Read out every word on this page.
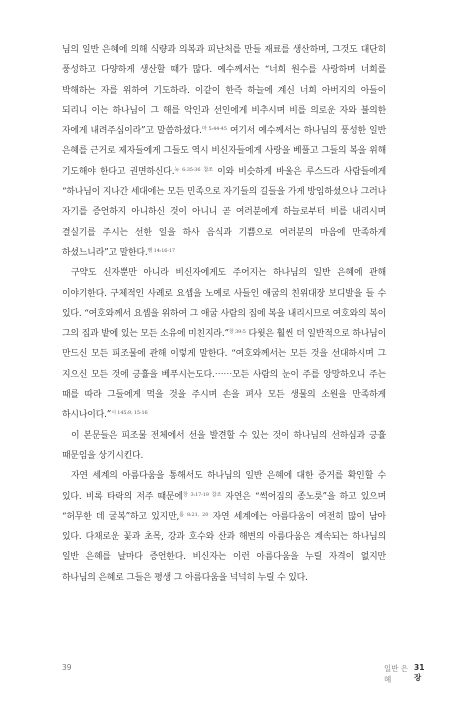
님의 일반 은혜에 의해 식량과 의복과 피난처를 만들 재료를 생산하며, 그것도 대단히 풍성하고 다양하게 생산할 때가 많다. 예수께서는 “너희 원수를 사랑하며 너희를 박해하는 자를 위하여 기도하라. 이같이 한즉 하늘에 계신 너희 아버지의 아들이 되리니 이는 하나님이 그 해를 악인과 선인에게 비추시며 비를 의로운 자와 불의한 자에게 내려주심이라”고 말씀하셨다.$^{마 5:44-45}$ 여기서 예수께서는 하나님의 풍성한 일반 은혜를 근거로 제자들에게 그들도 역시 비신자들에게 사랑을 베풀고 그들의 복을 위해 기도해야 한다고 권면하신다.$^{눅 6:35-36 참조}$ 이와 비슷하게 바울은 루스드라 사람들에게 “하나님이 지나간 세대에는 모든 민족으로 자기들의 길들을 가게 방임하셨으나 그러나 자기를 증언하지 아니하신 것이 아니니 곧 여러분에게 하늘로부터 비를 내리시며 결실기를 주시는 선한 일을 하사 음식과 기쁨으로 여러분의 마음에 만족하게 하셨느니라”고 말한다.$^{행 14:16-17}$

구약도 신자뿐만 아니라 비신자에게도 주어지는 하나님의 일반 은혜에 관해 이야기한다. 구체적인 사례로 요셉을 노예로 사들인 애굽의 친위대장 보디발을 들 수 있다. “여호와께서 요셉을 위하여 그 애굽 사람의 집에 복을 내리시므로 여호와의 복이 그의 집과 밭에 있는 모든 소유에 미친지라.”$^{창 39:5}$ 다윗은 훨씬 더 일반적으로 하나님이 만드신 모든 피조물에 관해 이렇게 말한다. “여호와께서는 모든 것을 선대하시며 그 지으신 모든 것에 긍휼을 베푸시는도다.⋯⋯모든 사람의 눈이 주를 앙망하오니 주는 때를 따라 그들에게 먹을 것을 주시며 손을 펴사 모든 생물의 소원을 만족하게 하시나이다.”$^{시 145:9, 15-16}$

이 본문들은 피조물 전체에서 선을 발견할 수 있는 것이 하나님의 선하심과 긍휼 때문임을 상기시킨다.

자연 세계의 아름다움을 통해서도 하나님의 일반 은혜에 대한 증거를 확인할 수 있다. 비록 타락의 저주 때문에$^{창 3:17-19 참조}$ 자연은 “썩어짐의 종노릇”을 하고 있으며 “허무한 데 굴복”하고 있지만,$^{롬 8:21, 20}$ 자연 세계에는 아름다움이 여전히 많이 남아 있다. 다채로운 꽃과 초목, 강과 호수와 산과 해변의 아름다움은 계속되는 하나님의 일반 은혜를 날마다 증언한다. 비신자는 이런 아름다움을 누릴 자격이 없지만 하나님의 은혜로 그들은 평생 그 아름다움을 넉넉히 누릴 수 있다.

39	일반 은혜
31장
